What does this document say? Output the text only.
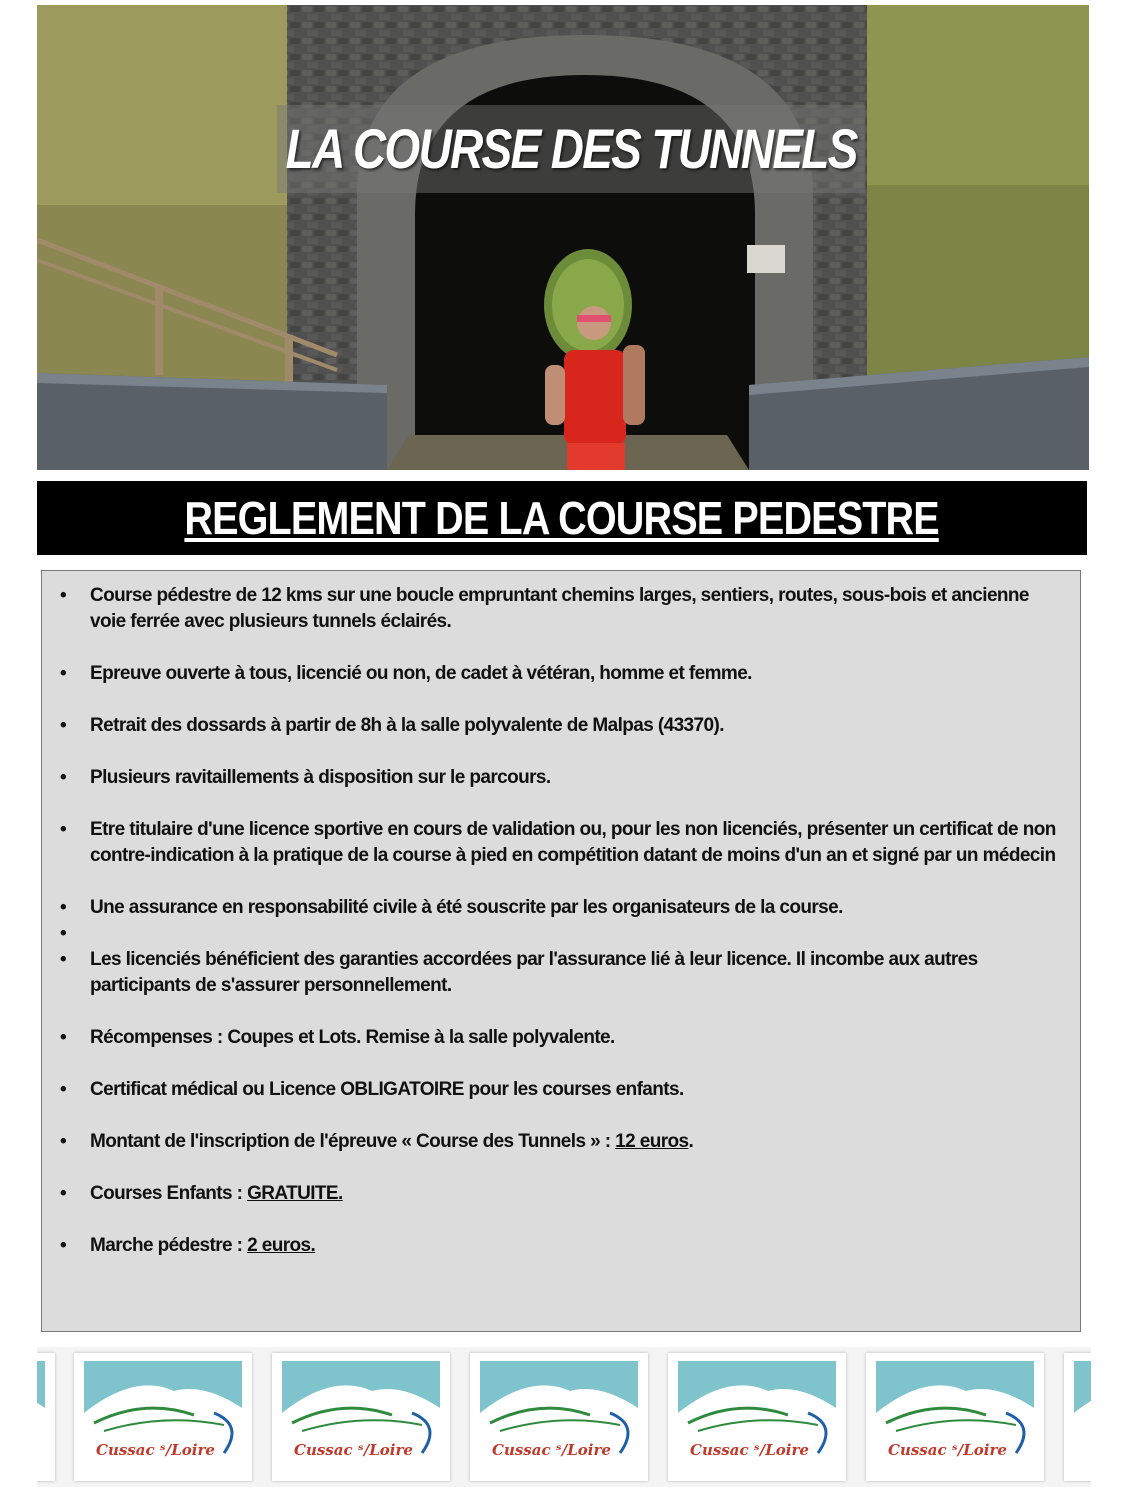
LA COURSE DES TUNNELS
REGLEMENT DE LA COURSE PEDESTRE
• Course pédestre de 12 kms sur une boucle empruntant chemins larges, sentiers, routes, sous-bois et ancienne voie ferrée avec plusieurs tunnels éclairés.
• Epreuve ouverte à tous, licencié ou non, de cadet à vétéran, homme et femme.
• Retrait des dossards à partir de 8h à la salle polyvalente de Malpas (43370).
• Plusieurs ravitaillements à disposition sur le parcours.
• Etre titulaire d'une licence sportive en cours de validation ou, pour les non licenciés, présenter un certificat de non contre-indication à la pratique de la course à pied en compétition datant de moins d'un an et signé par un médecin
• Une assurance en responsabilité civile à été souscrite par les organisateurs de la course.
•

• Les licenciés bénéficient des garanties accordées par l'assurance lié à leur licence. Il incombe aux autres participants de s'assurer personnellement.
• Récompenses : Coupes et Lots. Remise à la salle polyvalente.
• Certificat médical ou Licence OBLIGATOIRE pour les courses enfants.
• Montant de l'inscription de l'épreuve « Course des Tunnels » : 12 euros.
• Courses Enfants : GRATUITE.
• Marche pédestre : 2 euros.
Cussac ˢ/Loire	Cussac ˢ/Loire	Cussac ˢ/Loire	Cussac ˢ/Loire	Cussac ˢ/Loire
